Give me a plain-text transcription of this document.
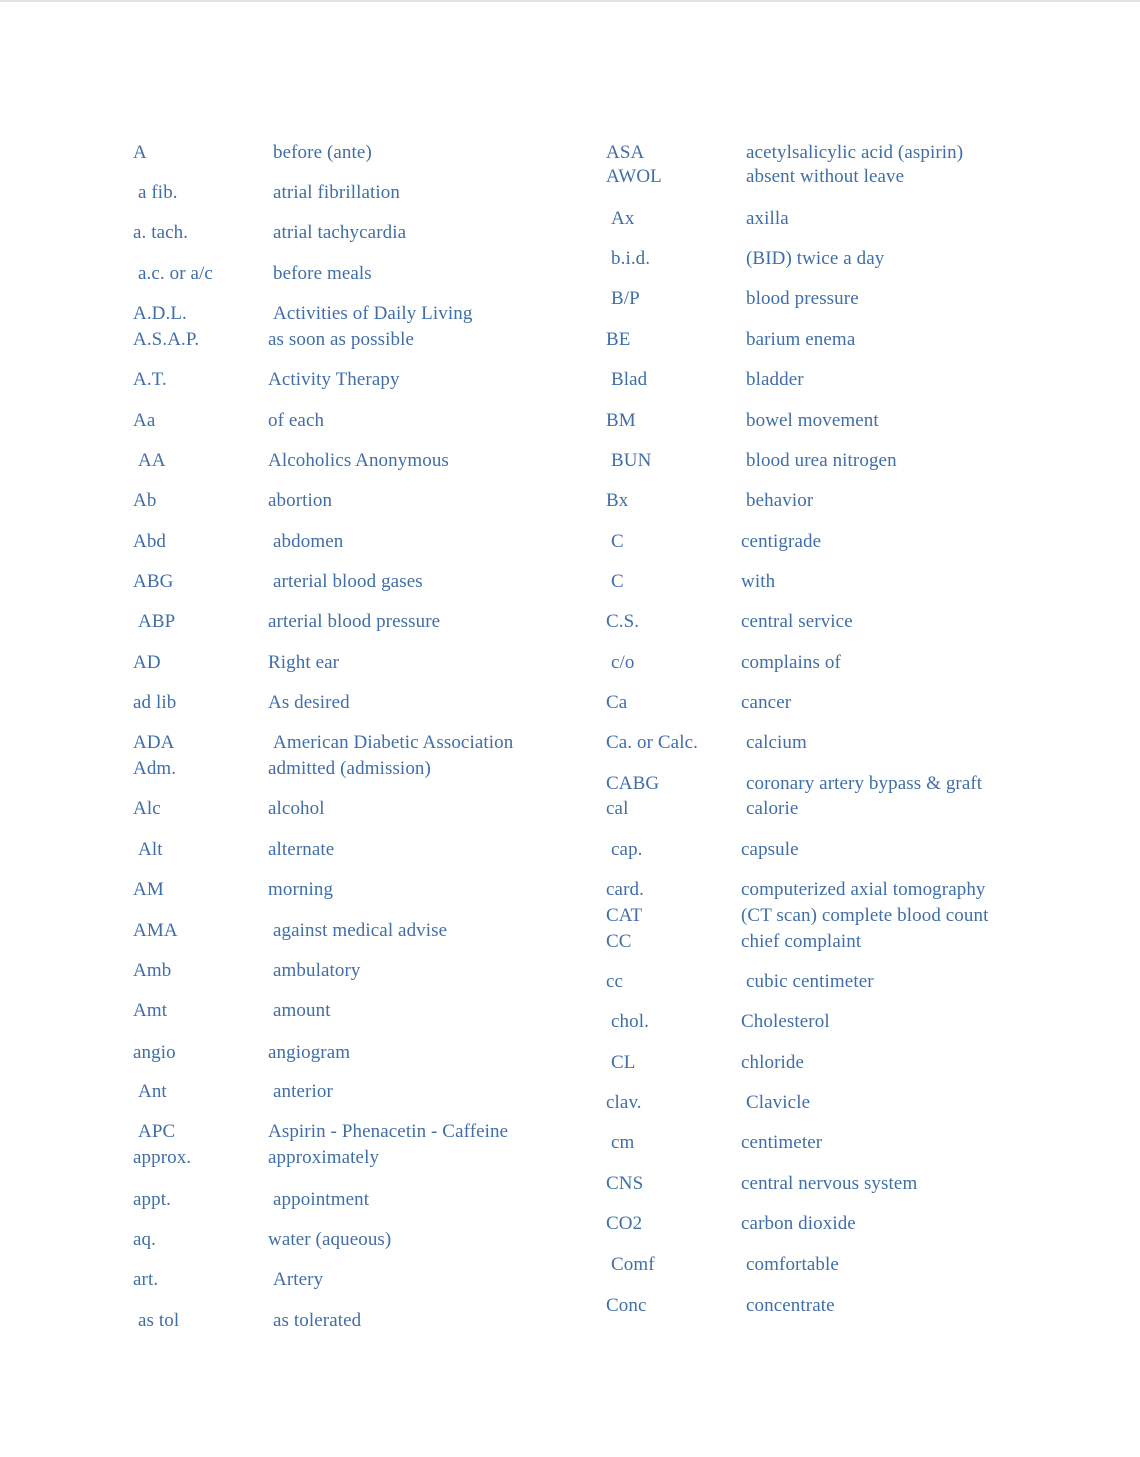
A	before (ante)
a fib.	atrial fibrillation
a. tach.	atrial tachycardia
a.c. or a/c	before meals
A.D.L.	Activities of Daily Living
A.S.A.P.	as soon as possible
A.T.	Activity Therapy
Aa	of each
AA	Alcoholics Anonymous
Ab	abortion
Abd	abdomen
ABG	arterial blood gases
ABP	arterial blood pressure
AD	Right ear
ad lib	As desired
ADA	American Diabetic Association
Adm.	admitted (admission)
Alc	alcohol
Alt	alternate
AM	morning
AMA	against medical advise
Amb	ambulatory
Amt	amount
angio	angiogram
Ant	anterior
APC	Aspirin - Phenacetin - Caffeine
approx.	approximately
appt.	appointment
aq.	water (aqueous)
art.	Artery
as tol	as tolerated
ASA	acetylsalicylic acid (aspirin)
AWOL	absent without leave
Ax	axilla
b.i.d.	(BID) twice a day
B/P	blood pressure
BE	barium enema
Blad	bladder
BM	bowel movement
BUN	blood urea nitrogen
Bx	behavior
C	centigrade
C	with
C.S.	central service
c/o	complains of
Ca	cancer
Ca. or Calc.	calcium
CABG	coronary artery bypass & graft
cal	calorie
cap.	capsule
card.	computerized axial tomography
CAT	(CT scan) complete blood count
CC	chief complaint
cc	cubic centimeter
chol.	Cholesterol
CL	chloride
clav.	Clavicle
cm	centimeter
CNS	central nervous system
CO2	carbon dioxide
Comf	comfortable
Conc	concentrate
